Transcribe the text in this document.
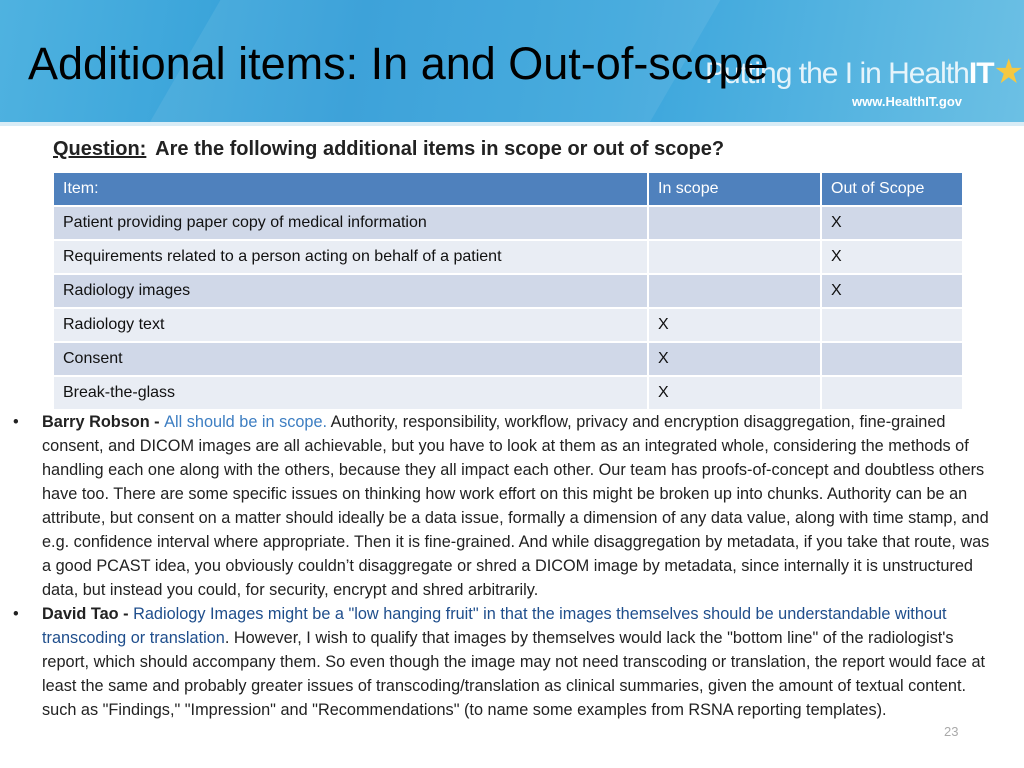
Putting the I in HealthIT★
www.HealthIT.gov
Additional items: In and Out-of-scope
Question: Are the following additional items in scope or out of scope?
Item:	In scope	Out of Scope
Patient providing paper copy of medical information		X
Requirements related to a person acting on behalf of a patient		X
Radiology images		X
Radiology text	X	
Consent	X	
Break-the-glass	X	
• Barry Robson - All should be in scope. Authority, responsibility, workflow, privacy and encryption disaggregation, fine-grained consent, and DICOM images are all achievable, but you have to look at them as an integrated whole, considering the methods of handling each one along with the others, because they all impact each other. Our team has proofs-of-concept and doubtless others have too. There are some specific issues on thinking how work effort on this might be broken up into chunks. Authority can be an attribute, but consent on a matter should ideally be a data issue, formally a dimension of any data value, along with time stamp, and e.g. confidence interval where appropriate. Then it is fine-grained. And while disaggregation by metadata, if you take that route, was a good PCAST idea, you obviously couldn’t disaggregate or shred a DICOM image by metadata, since internally it is unstructured data, but instead you could, for security, encrypt and shred arbitrarily.
• David Tao - Radiology Images might be a "low hanging fruit" in that the images themselves should be understandable without transcoding or translation. However, I wish to qualify that images by themselves would lack the "bottom line" of the radiologist's report, which should accompany them. So even though the image may not need transcoding or translation, the report would face at least the same and probably greater issues of transcoding/translation as clinical summaries, given the amount of textual content. such as "Findings," "Impression" and "Recommendations" (to name some examples from RSNA reporting templates).
23
